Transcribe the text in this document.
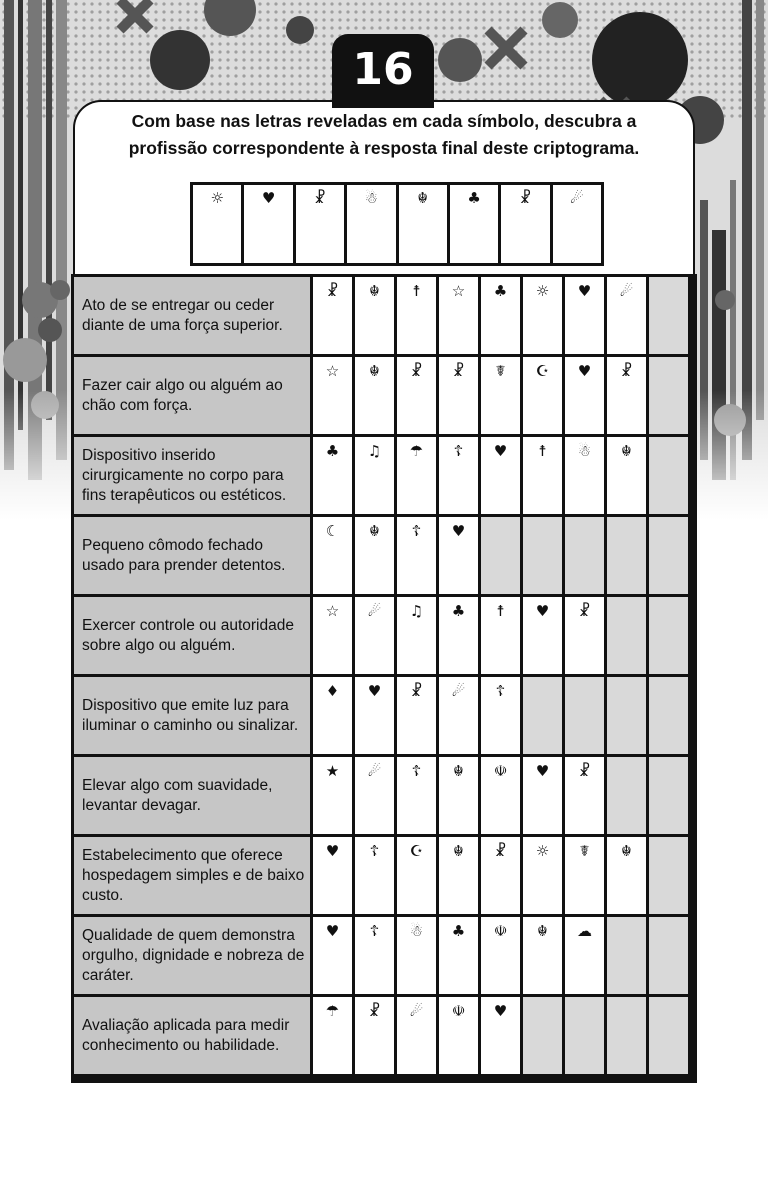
16
Com base nas letras reveladas em cada símbolo, descubra a
profissão correspondente à resposta final deste criptograma.
☼	♥	☧	☃	☬	♣	☧	☄
Ato de se entregar ou ceder diante de uma força superior.
☧	☬	☨	☆	♣	☼	♥	☄
Fazer cair algo ou alguém ao chão com força.
☆	☬	☧	☧	☤	☪	♥	☧
Dispositivo inserido cirurgicamente no corpo para fins terapêuticos ou estéticos.
♣	♫	☂	☦	♥	☨	☃	☬
Pequeno cômodo fechado usado para prender detentos.
☾	☬	☦	♥
Exercer controle ou autoridade sobre algo ou alguém.
☆	☄	♫	♣	☨	♥	☧
Dispositivo que emite luz para iluminar o caminho ou sinalizar.
♦	♥	☧	☄	☦
Elevar algo com suavidade, levantar devagar.
★	☄	☦	☬	☫	♥	☧
Estabelecimento que oferece hospedagem simples e de baixo custo.
♥	☦	☪	☬	☧	☼	☤	☬
Qualidade de quem demonstra orgulho, dignidade e nobreza de caráter.
♥	☦	☃	♣	☫	☬	☁
Avaliação aplicada para medir conhecimento ou habilidade.
☂	☧	☄	☫	♥
